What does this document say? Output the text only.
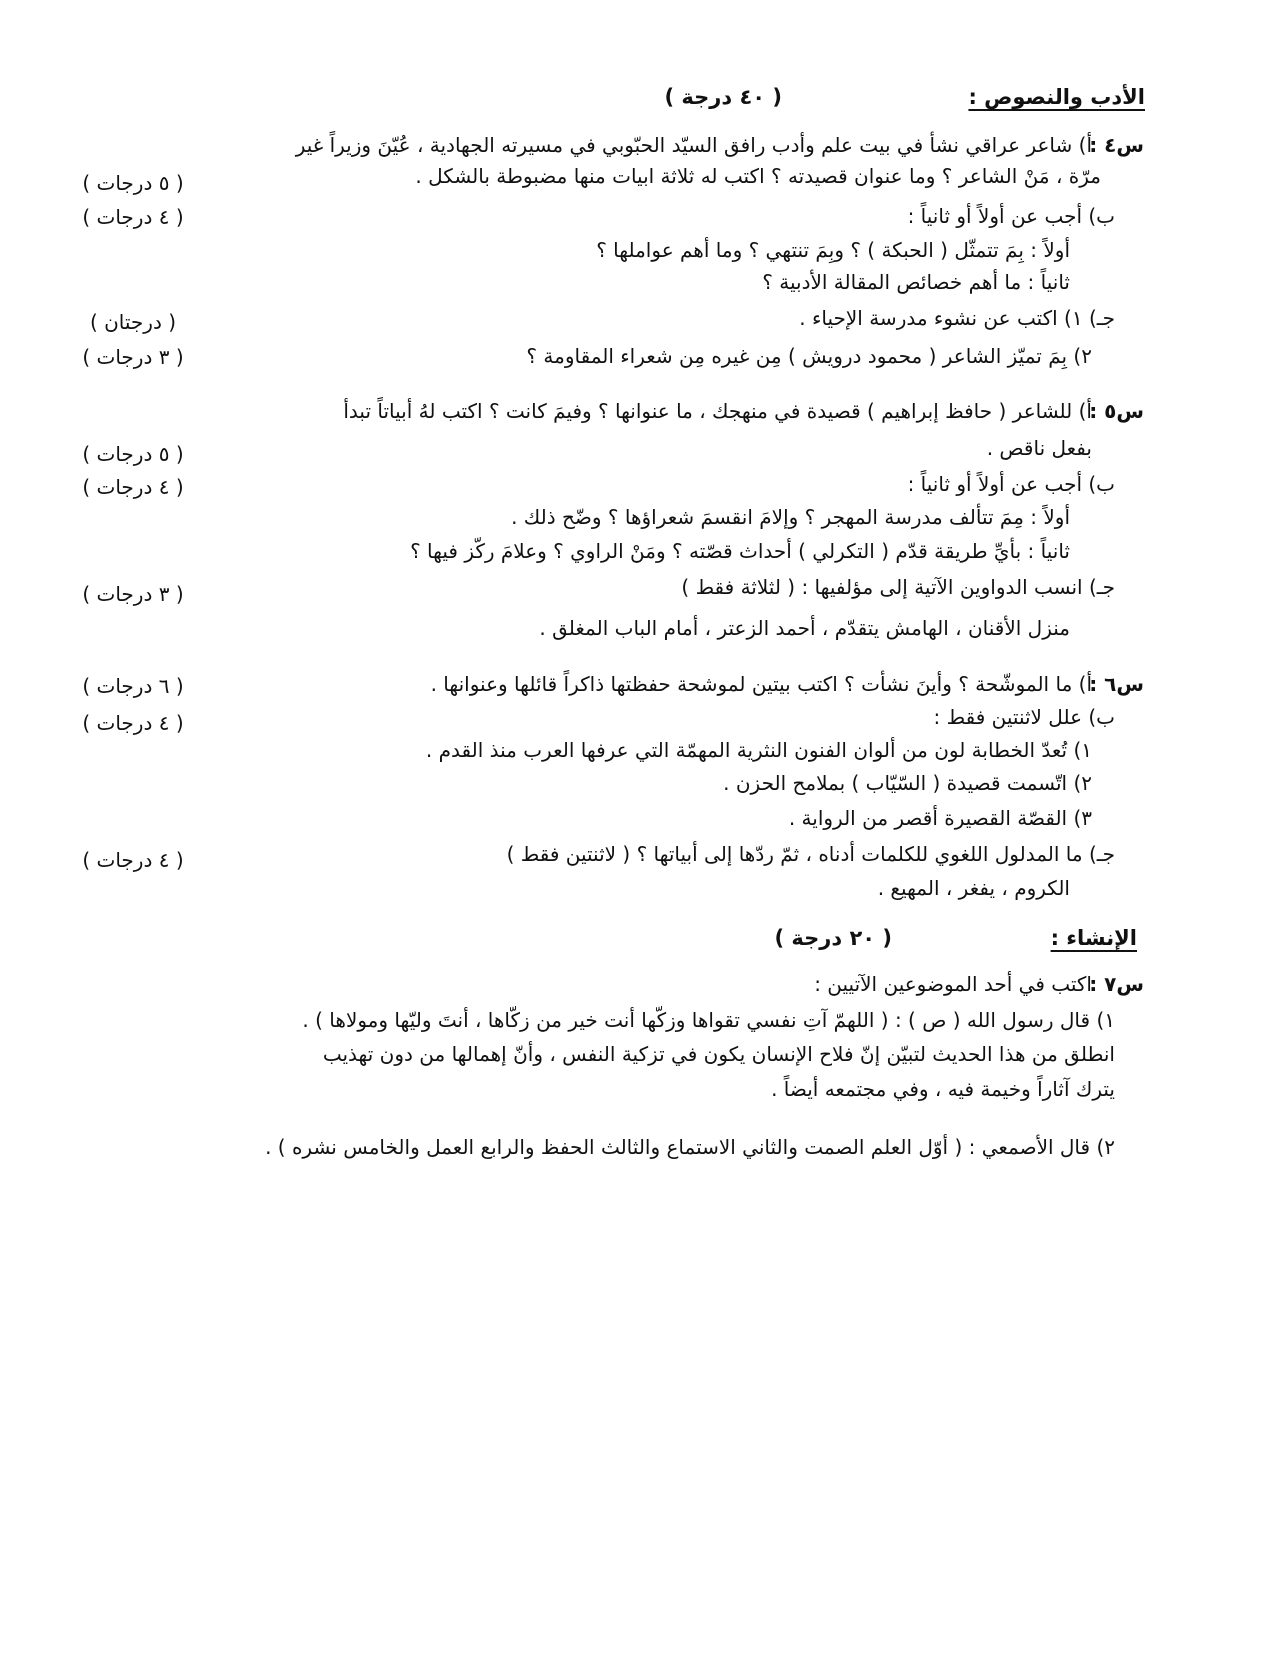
الأدب والنصوص :
( ٤٠ درجة )
س٤ :
أ) شاعر عراقي نشأ في بيت علم وأدب رافق السيّد الحبّوبي في مسيرته الجهادية ، عُيّنَ وزيراً غير
مرّة ، مَنْ الشاعر ؟ وما عنوان قصيدته ؟ اكتب له ثلاثة ابيات منها مضبوطة بالشكل .
( ٥ درجات )
ب) أجب عن أولاً أو ثانياً :
( ٤ درجات )
أولاً : بِمَ تتمثّل ( الحبكة ) ؟ وبِمَ تنتهي ؟ وما أهم عواملها ؟
ثانياً : ما أهم خصائص المقالة الأدبية ؟
جـ) ١) اكتب عن نشوء مدرسة الإحياء .
( درجتان )
٢) بِمَ تميّز الشاعر ( محمود درويش ) مِن غيره مِن شعراء المقاومة ؟
( ٣ درجات )
س٥ :
أ) للشاعر ( حافظ إبراهيم ) قصيدة في منهجك ، ما عنوانها ؟ وفيمَ كانت ؟ اكتب لهُ أبياتاً تبدأ
بفعل ناقص .
( ٥ درجات )
ب) أجب عن أولاً أو ثانياً :
( ٤ درجات )
أولاً : مِمَ تتألف مدرسة المهجر ؟ وإلامَ انقسمَ شعراؤها ؟ وضّح ذلك .
ثانياً : بأيِّ طريقة قدّم ( التكرلي ) أحداث قصّته ؟ ومَنْ الراوي ؟ وعلامَ ركّز فيها ؟
جـ) انسب الدواوين الآتية إلى مؤلفيها : ( لثلاثة فقط )
( ٣ درجات )
منزل الأقنان ، الهامش يتقدّم ، أحمد الزعتر ، أمام الباب المغلق .
س٦ :
أ) ما الموشّحة ؟ وأينَ نشأت ؟ اكتب بيتين لموشحة حفظتها ذاكراً قائلها وعنوانها .
( ٦ درجات )
ب) علل لاثنتين فقط :
( ٤ درجات )
١) تُعدّ الخطابة لون من ألوان الفنون النثرية المهمّة التي عرفها العرب منذ القدم .
٢) اتّسمت قصيدة ( السّيّاب ) بملامح الحزن .
٣) القصّة القصيرة أقصر من الرواية .
جـ) ما المدلول اللغوي للكلمات أدناه ، ثمّ ردّها إلى أبياتها ؟ ( لاثنتين فقط )
( ٤ درجات )
الكروم ، يفغر ، المهيع .
الإنشاء :
( ٢٠ درجة )
س٧ :
اكتب في أحد الموضوعين الآتيين :
١) قال رسول الله ( ص ) : ( اللهمّ آتِ نفسي تقواها وزكّها أنت خير من زكّاها ، أنتَ وليّها ومولاها ) .
انطلق من هذا الحديث لتبيّن إنّ فلاح الإنسان يكون في تزكية النفس ، وأنّ إهمالها من دون تهذيب
يترك آثاراً وخيمة فيه ، وفي مجتمعه أيضاً .
٢) قال الأصمعي : ( أوّل العلم الصمت والثاني الاستماع والثالث الحفظ والرابع العمل والخامس نشره ) .
